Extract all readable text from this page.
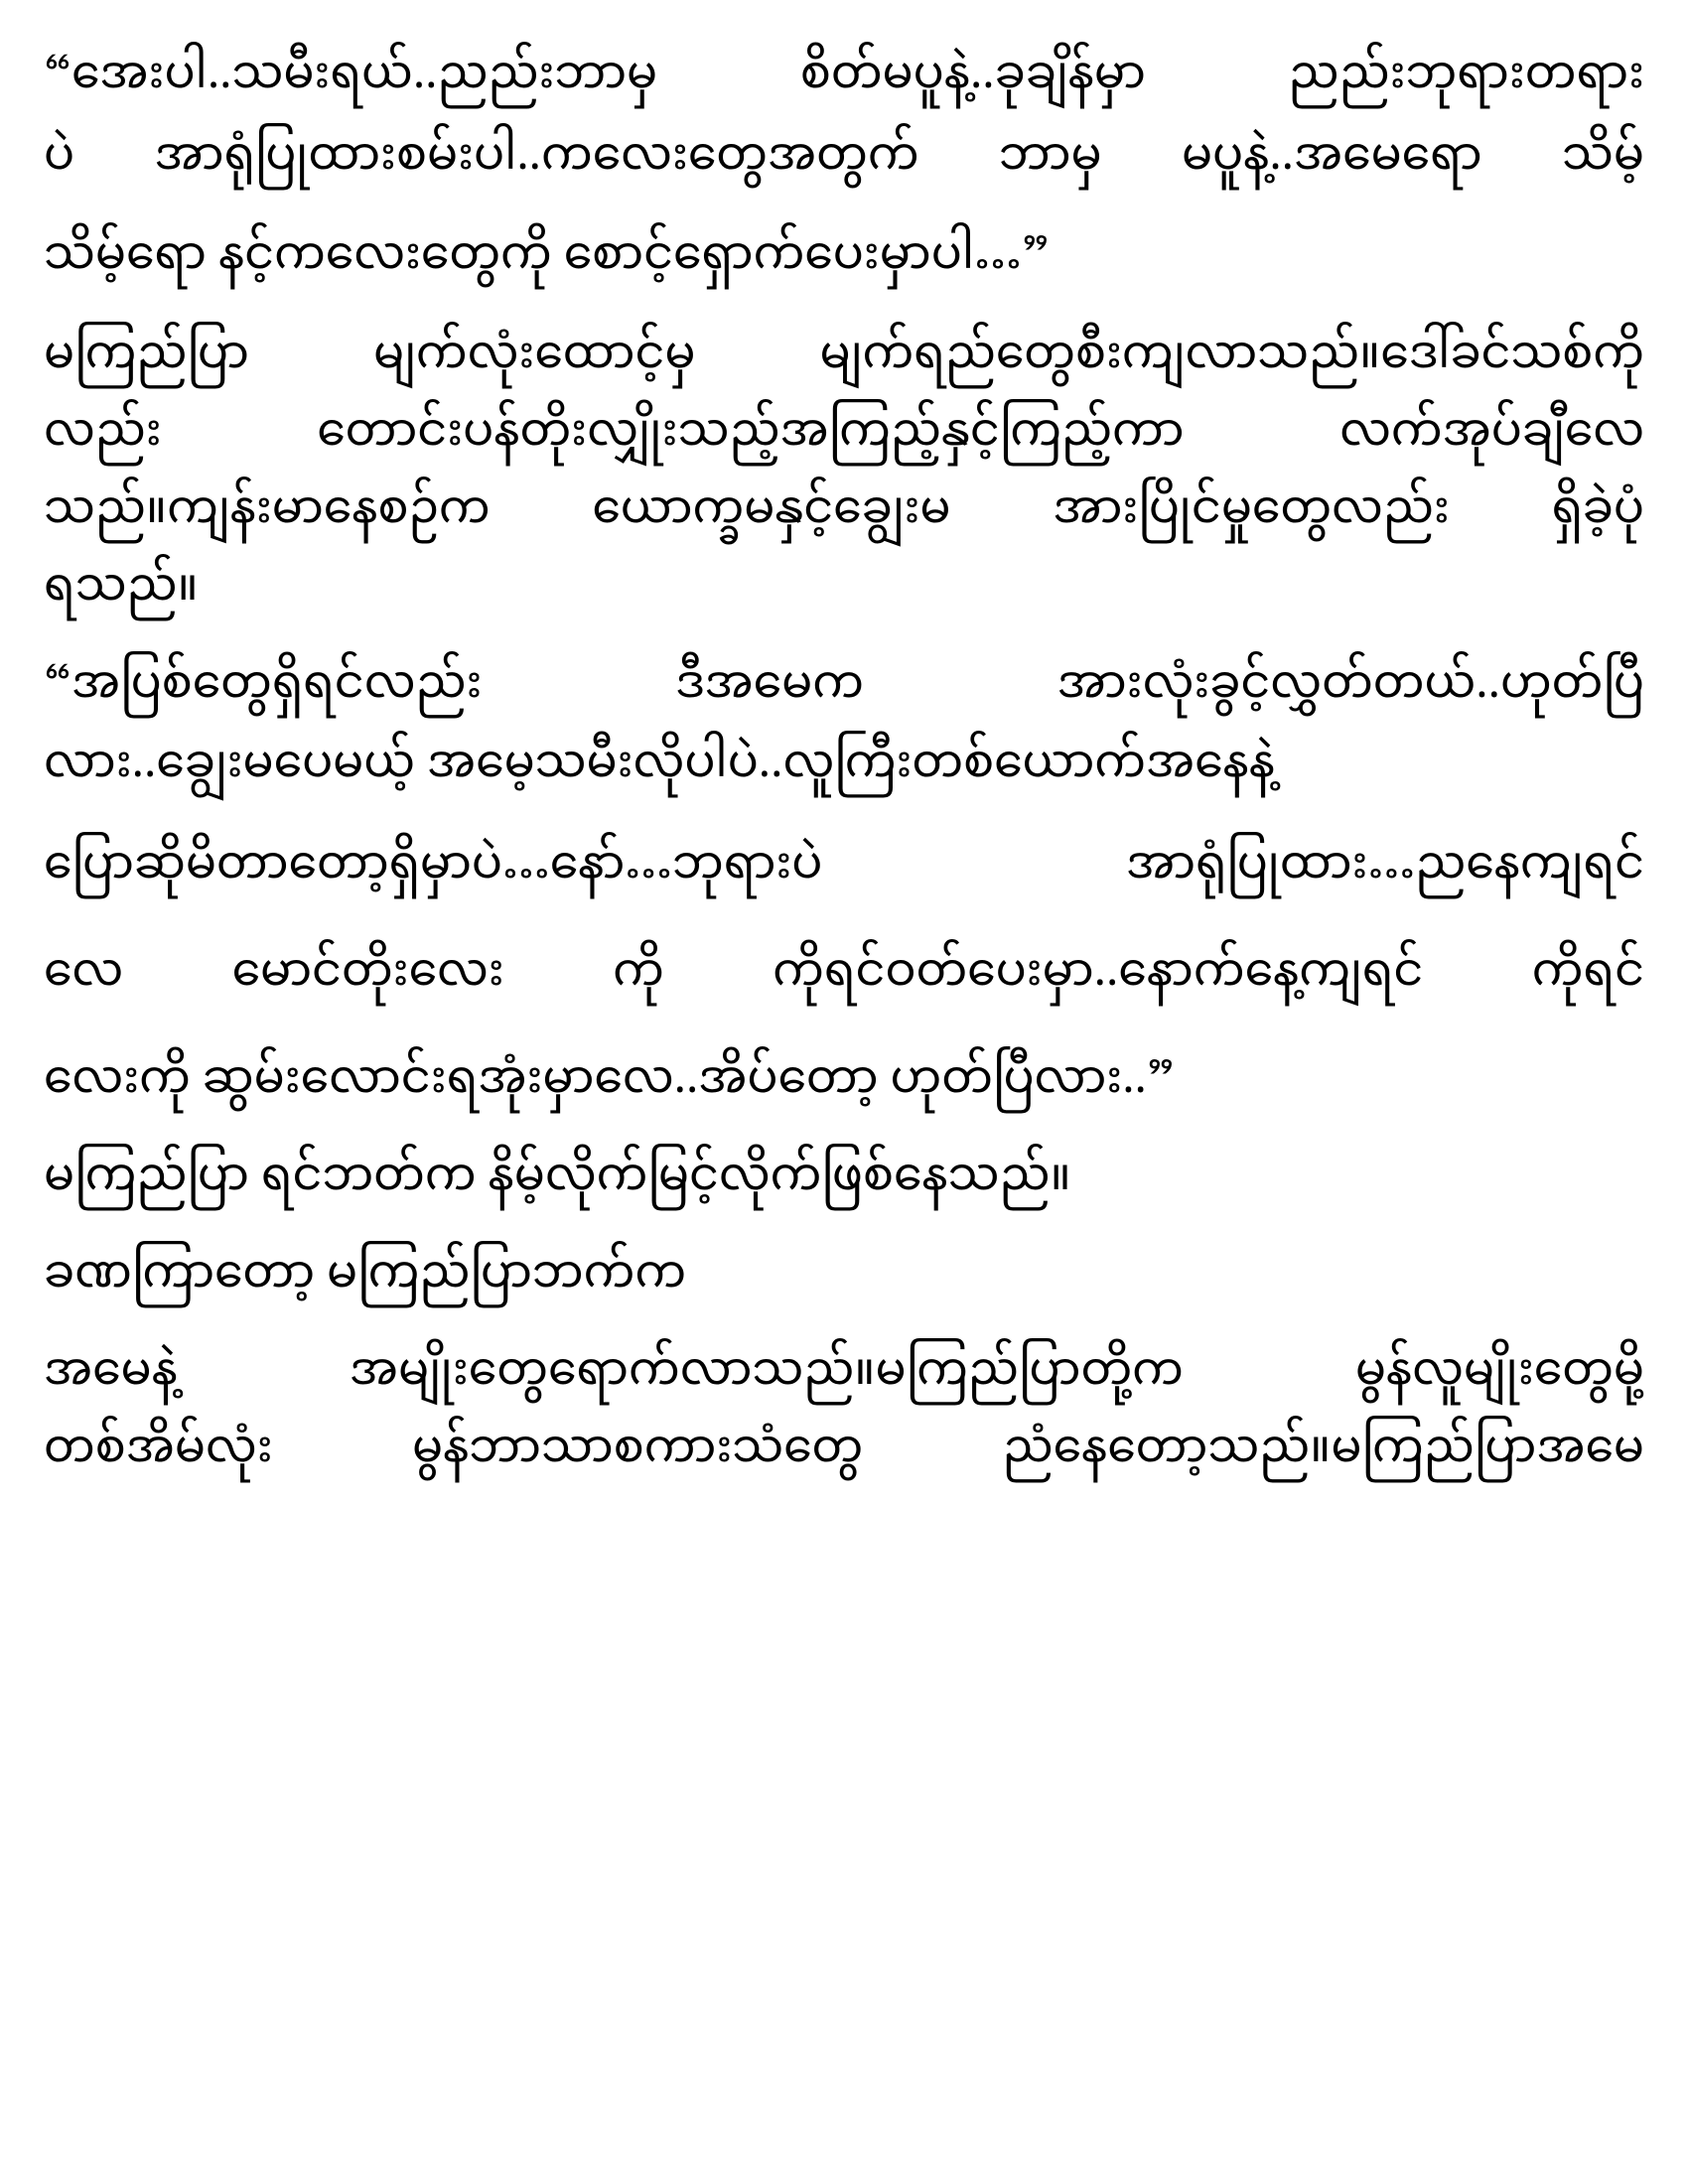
“အေးပါ..သမီးရယ်..ညည်းဘာမှ စိတ်မပူနဲ့..ခုချိန်မှာ ညည်းဘုရားတရား
ပဲ အာရုံပြုထားစမ်းပါ..ကလေးတွေအတွက် ဘာမှ မပူနဲ့..အမေရော သိမ့်
သိမ့်ရော နင့်ကလေးတွေကို စောင့်ရှောက်ပေးမှာပါ…”
မကြည်ပြာ မျက်လုံးထောင့်မှ မျက်ရည်တွေစီးကျလာသည်။ဒေါ်ခင်သစ်ကို
လည်း တောင်းပန်တိုးလျှိုးသည့်အကြည့်နှင့်ကြည့်ကာ လက်အုပ်ချီလေ
သည်။ကျန်းမာနေစဉ်က ယောက္ခမနှင့်ချွေးမ အားပြိုင်မှုတွေလည်း ရှိခဲ့ပုံ
ရသည်။
“အပြစ်တွေရှိရင်လည်း ဒီအမေက အားလုံးခွင့်လွှတ်တယ်..ဟုတ်ပြီ
လား..ချွေးမပေမယ့် အမေ့သမီးလိုပါပဲ..လူကြီးတစ်ယောက်အနေနဲ့
ပြောဆိုမိတာတော့ရှိမှာပဲ…နော်…ဘုရားပဲ အာရုံပြုထား…ညနေကျရင်
လေ မောင်တိုးလေး ကို ကိုရင်ဝတ်ပေးမှာ..နောက်နေ့ကျရင် ကိုရင်
လေးကို ဆွမ်းလောင်းရအုံးမှာလေ..အိပ်တော့ ဟုတ်ပြီလား..”
မကြည်ပြာ ရင်ဘတ်က နိမ့်လိုက်မြင့်လိုက်ဖြစ်နေသည်။
ခဏကြာတော့ မကြည်ပြာဘက်က
အမေနဲ့ အမျိုးတွေရောက်လာသည်။မကြည်ပြာတို့က မွန်လူမျိုးတွေမို့
တစ်အိမ်လုံး မွန်ဘာသာစကားသံတွေ ညံနေတော့သည်။မကြည်ပြာအမေ
